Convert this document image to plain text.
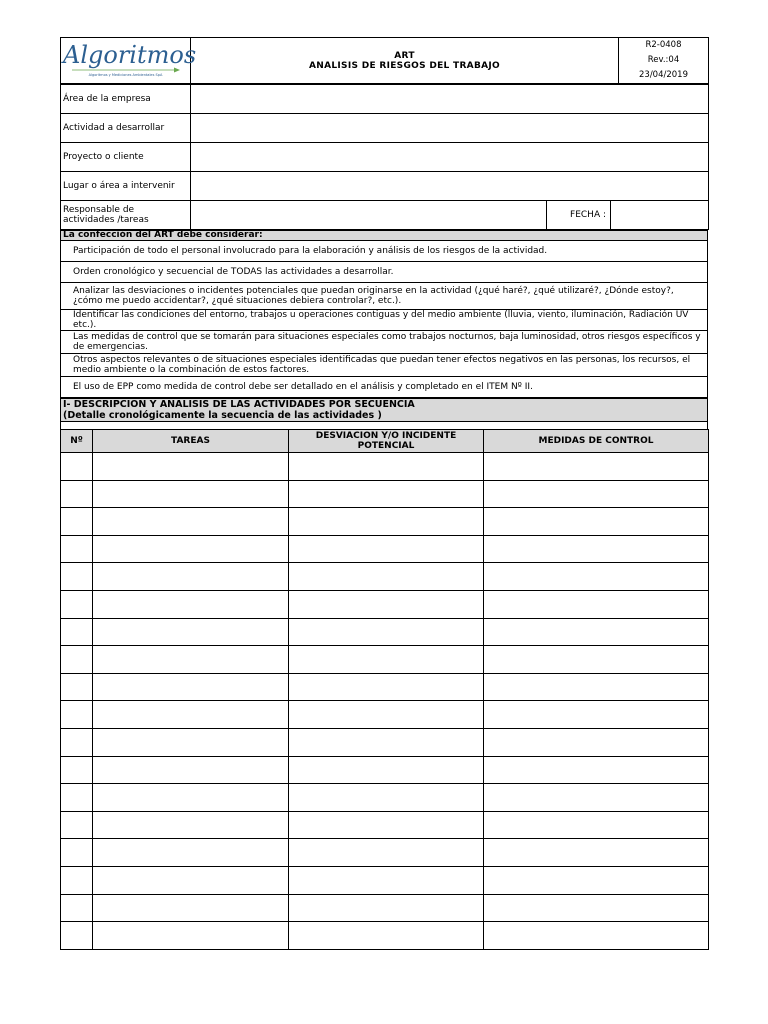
Algoritmos
Algoritmos y Mediciones Ambientales SpA

ART
ANALISIS DE RIESGOS DEL TRABAJO

R2-0408
Rev.:04
23/04/2019
Área de la empresa			
Actividad a desarrollar			
Proyecto o cliente			
Lugar o área a intervenir			
Responsable de actividades /tareas		FECHA :	
La confección del ART debe considerar:
Participación de todo el personal involucrado para la elaboración y análisis de los riesgos de la actividad.
Orden cronológico y secuencial de TODAS las actividades a desarrollar.
Analizar las desviaciones o incidentes potenciales que puedan originarse en la actividad (¿qué haré?, ¿qué utilizaré?, ¿Dónde estoy?, ¿cómo me puedo accidentar?, ¿qué situaciones debiera controlar?, etc.).
Identificar las condiciones del entorno, trabajos u operaciones contiguas y del medio ambiente (lluvia, viento, iluminación, Radiación UV etc.).
Las medidas de control que se tomarán para situaciones especiales como trabajos nocturnos, baja luminosidad, otros riesgos específicos y de emergencias.
Otros aspectos relevantes o de situaciones especiales identificadas que puedan tener efectos negativos en las personas, los recursos, el medio ambiente o la combinación de estos factores.
El uso de EPP como medida de control debe ser detallado en el análisis y completado en el ITEM Nº II.
I- DESCRIPCION Y ANALISIS DE LAS ACTIVIDADES POR SECUENCIA
(Detalle cronológicamente la secuencia de las actividades )

Nº	TAREAS	DESVIACION Y/O INCIDENTE POTENCIAL	MEDIDAS DE CONTROL
